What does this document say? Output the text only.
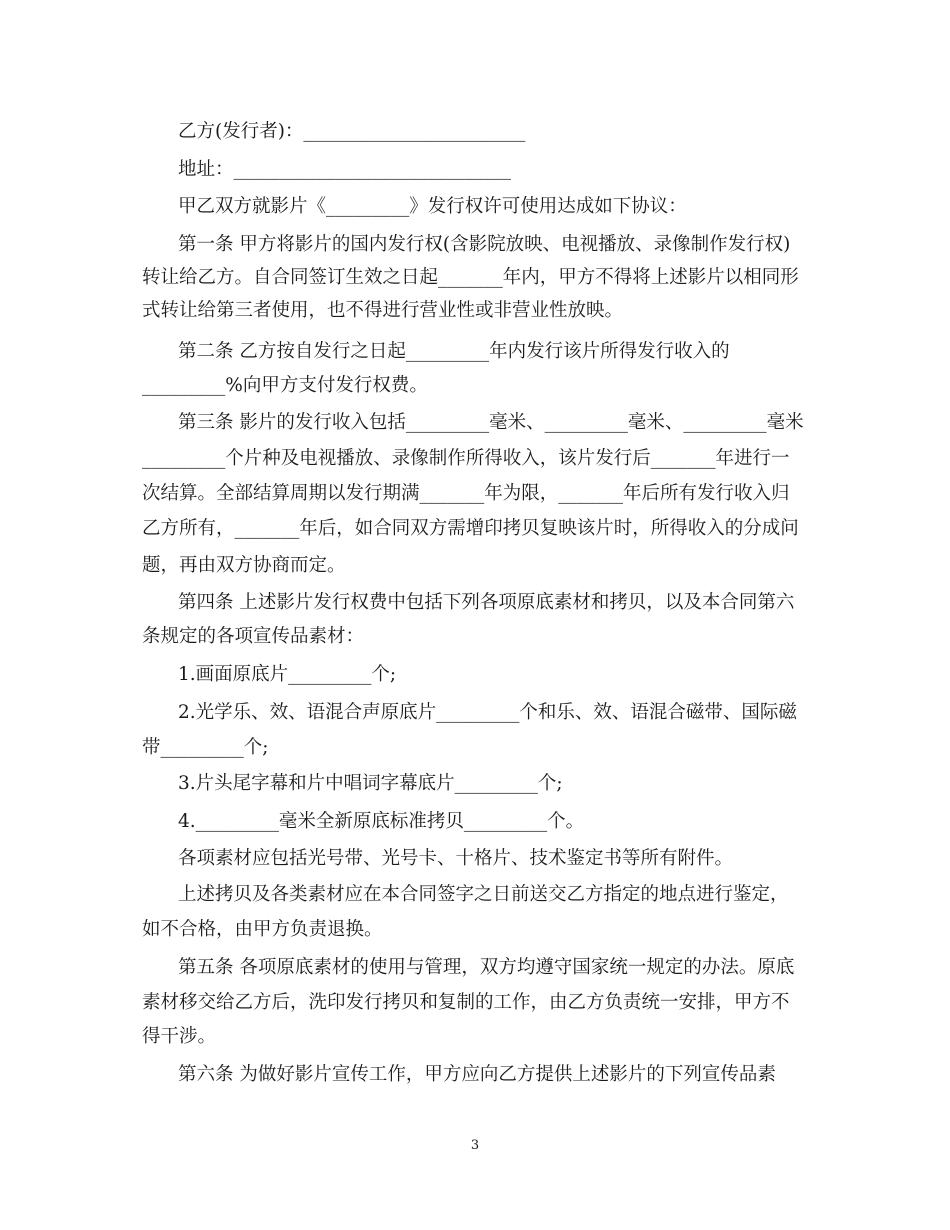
乙方(发行者)：________________________
地址：______________________________
甲乙双方就影片《_________》发行权许可使用达成如下协议：
第一条 甲方将影片的国内发行权(含影院放映、电视播放、录像制作发行权)
转让给乙方。自合同签订生效之日起_______年内，甲方不得将上述影片以相同形
式转让给第三者使用，也不得进行营业性或非营业性放映。
第二条 乙方按自发行之日起_________年内发行该片所得发行收入的
_________%向甲方支付发行权费。
第三条 影片的发行收入包括_________毫米、_________毫米、_________毫米
_________个片种及电视播放、录像制作所得收入，该片发行后_______年进行一
次结算。全部结算周期以发行期满_______年为限，_______年后所有发行收入归
乙方所有，_______年后，如合同双方需增印拷贝复映该片时，所得收入的分成问
题，再由双方协商而定。
第四条 上述影片发行权费中包括下列各项原底素材和拷贝，以及本合同第六
条规定的各项宣传品素材：
1.画面原底片_________个;
2.光学乐、效、语混合声原底片_________个和乐、效、语混合磁带、国际磁
带_________个;
3.片头尾字幕和片中唱词字幕底片_________个;
4._________毫米全新原底标准拷贝_________个。
各项素材应包括光号带、光号卡、十格片、技术鉴定书等所有附件。
上述拷贝及各类素材应在本合同签字之日前送交乙方指定的地点进行鉴定，
如不合格，由甲方负责退换。
第五条 各项原底素材的使用与管理，双方均遵守国家统一规定的办法。原底
素材移交给乙方后，洗印发行拷贝和复制的工作，由乙方负责统一安排，甲方不
得干涉。
第六条 为做好影片宣传工作，甲方应向乙方提供上述影片的下列宣传品素
3
